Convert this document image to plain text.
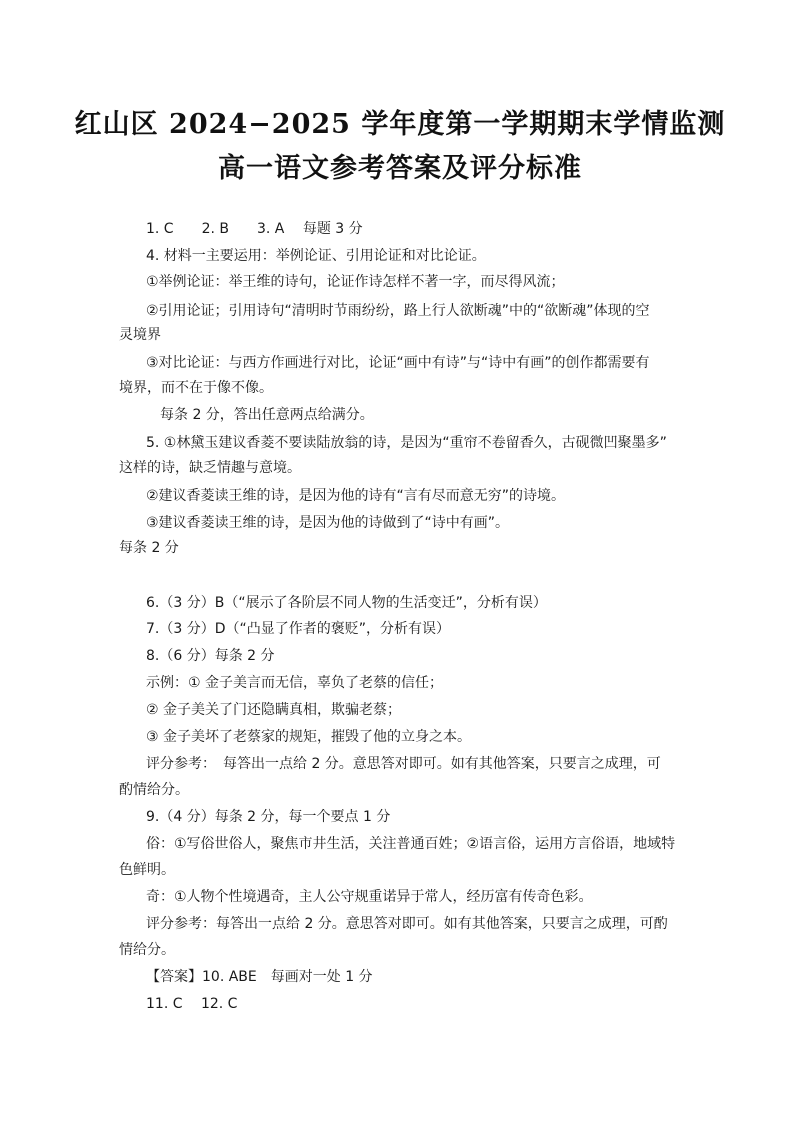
红山区 2024−2025 学年度第一学期期末学情监测
高一语文参考答案及评分标准
1. C　　2. B　　3. A　 每题 3 分
4. 材料一主要运用：举例论证、引用论证和对比论证。
①举例论证：举王维的诗句，论证作诗怎样不著一字，而尽得风流；
②引用论证；引用诗句“清明时节雨纷纷，路上行人欲断魂”中的“欲断魂”体现的空
灵境界
③对比论证：与西方作画进行对比，论证“画中有诗”与“诗中有画”的创作都需要有
境界，而不在于像不像。
每条 2 分，答出任意两点给满分。
5. ①林黛玉建议香菱不要读陆放翁的诗，是因为“重帘不卷留香久，古砚微凹聚墨多”
这样的诗，缺乏情趣与意境。
②建议香菱读王维的诗，是因为他的诗有“言有尽而意无穷”的诗境。
③建议香菱读王维的诗，是因为他的诗做到了“诗中有画”。
每条 2 分
6.（3 分）B（“展示了各阶层不同人物的生活变迁”，分析有误）
7.（3 分）D（“凸显了作者的褒贬”，分析有误）
8.（6 分）每条 2 分
示例：① 金子美言而无信，辜负了老蔡的信任；
② 金子美关了门还隐瞒真相，欺骗老蔡；
③ 金子美坏了老蔡家的规矩，摧毁了他的立身之本。
评分参考：　每答出一点给 2 分。意思答对即可。如有其他答案，只要言之成理，可
酌情给分。
9.（4 分）每条 2 分，每一个要点 1 分
俗：①写俗世俗人，聚焦市井生活，关注普通百姓；②语言俗，运用方言俗语，地域特
色鲜明。
奇：①人物个性境遇奇，主人公守规重诺异于常人，经历富有传奇色彩。
评分参考：每答出一点给 2 分。意思答对即可。如有其他答案，只要言之成理，可酌
情给分。
【答案】10. ABE　每画对一处 1 分
11. C　 12. C
